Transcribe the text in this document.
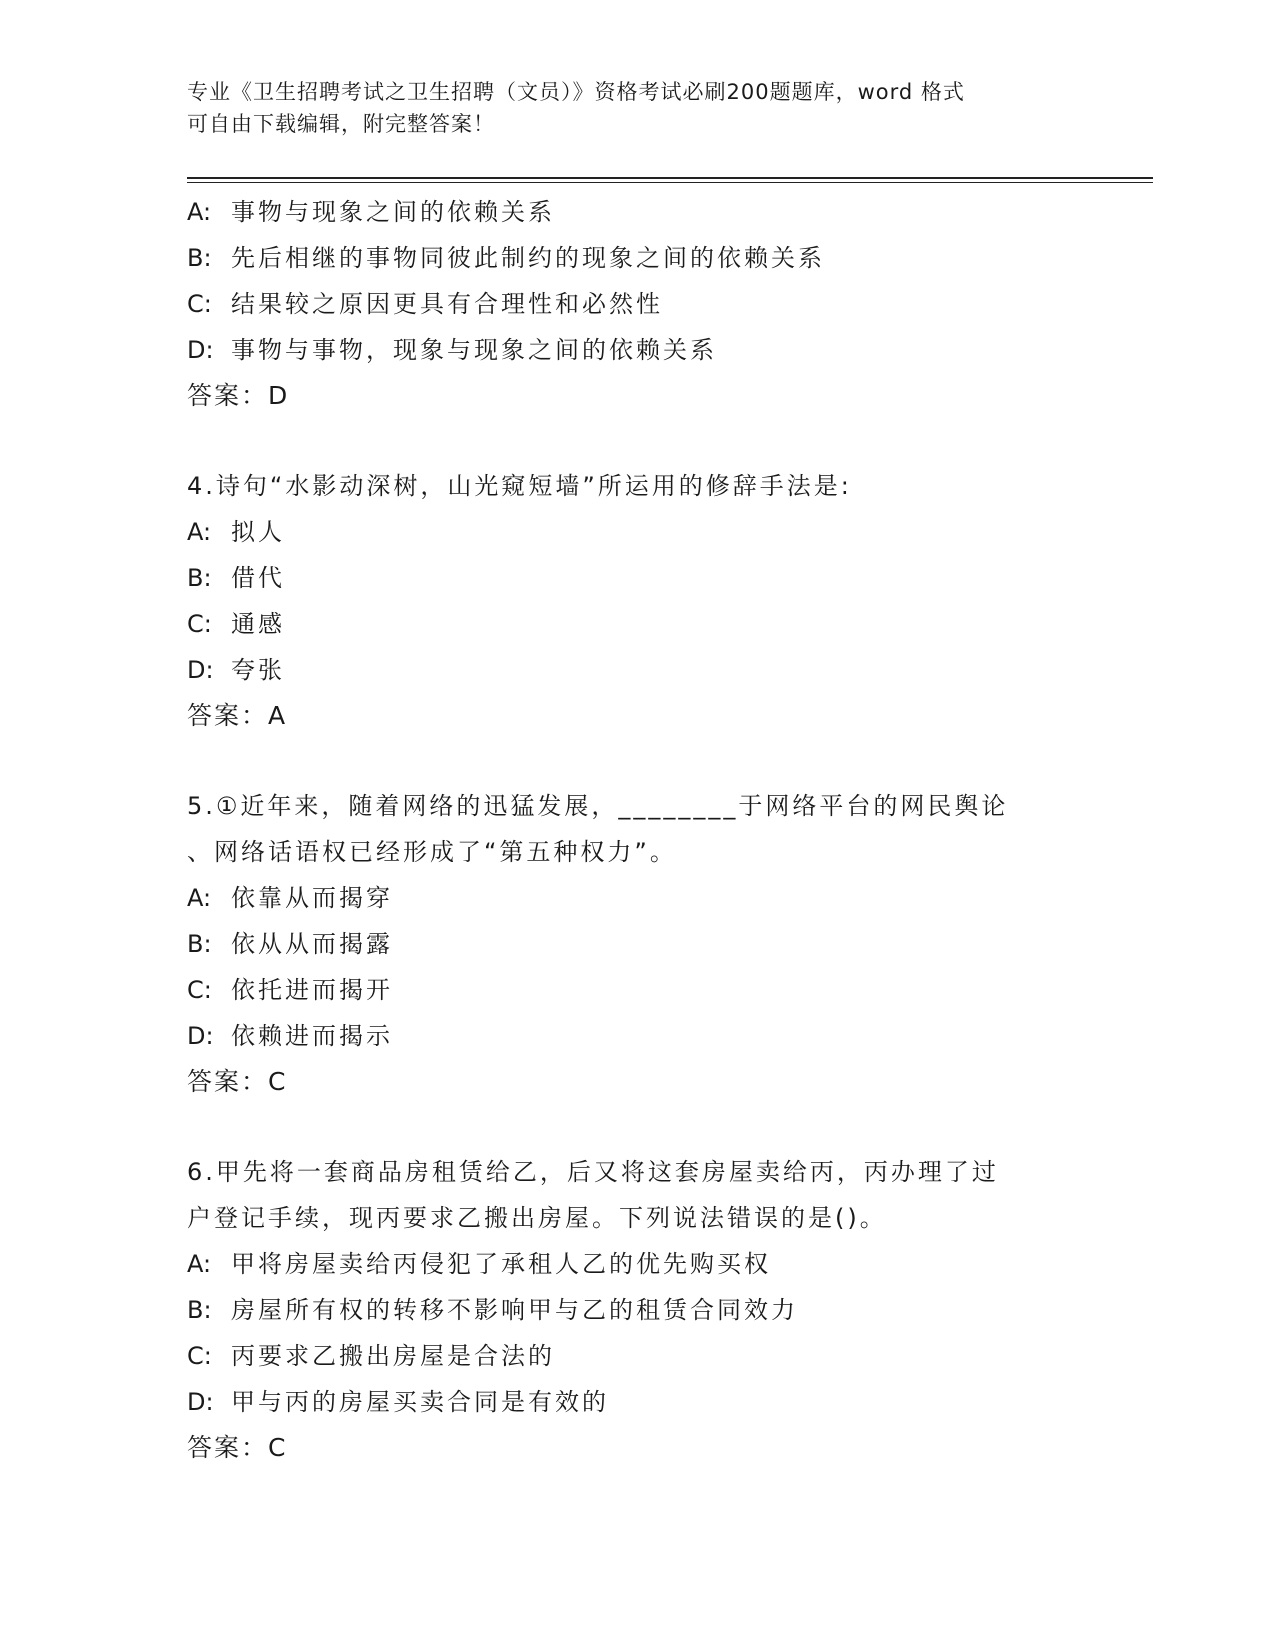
专业《卫生招聘考试之卫生招聘（文员）》资格考试必刷200题题库，word 格式
可自由下载编辑，附完整答案！
A: 事物与现象之间的依赖关系
B: 先后相继的事物同彼此制约的现象之间的依赖关系
C: 结果较之原因更具有合理性和必然性
D: 事物与事物，现象与现象之间的依赖关系
答案：D
4.诗句“水影动深树，山光窥短墙”所运用的修辞手法是:
A: 拟人
B: 借代
C: 通感
D: 夸张
答案：A
5.①近年来，随着网络的迅猛发展，________于网络平台的网民舆论
、网络话语权已经形成了“第五种权力”。
A: 依靠从而揭穿
B: 依从从而揭露
C: 依托进而揭开
D: 依赖进而揭示
答案：C
6.甲先将一套商品房租赁给乙，后又将这套房屋卖给丙，丙办理了过
户登记手续，现丙要求乙搬出房屋。下列说法错误的是()。
A: 甲将房屋卖给丙侵犯了承租人乙的优先购买权
B: 房屋所有权的转移不影响甲与乙的租赁合同效力
C: 丙要求乙搬出房屋是合法的
D: 甲与丙的房屋买卖合同是有效的
答案：C
